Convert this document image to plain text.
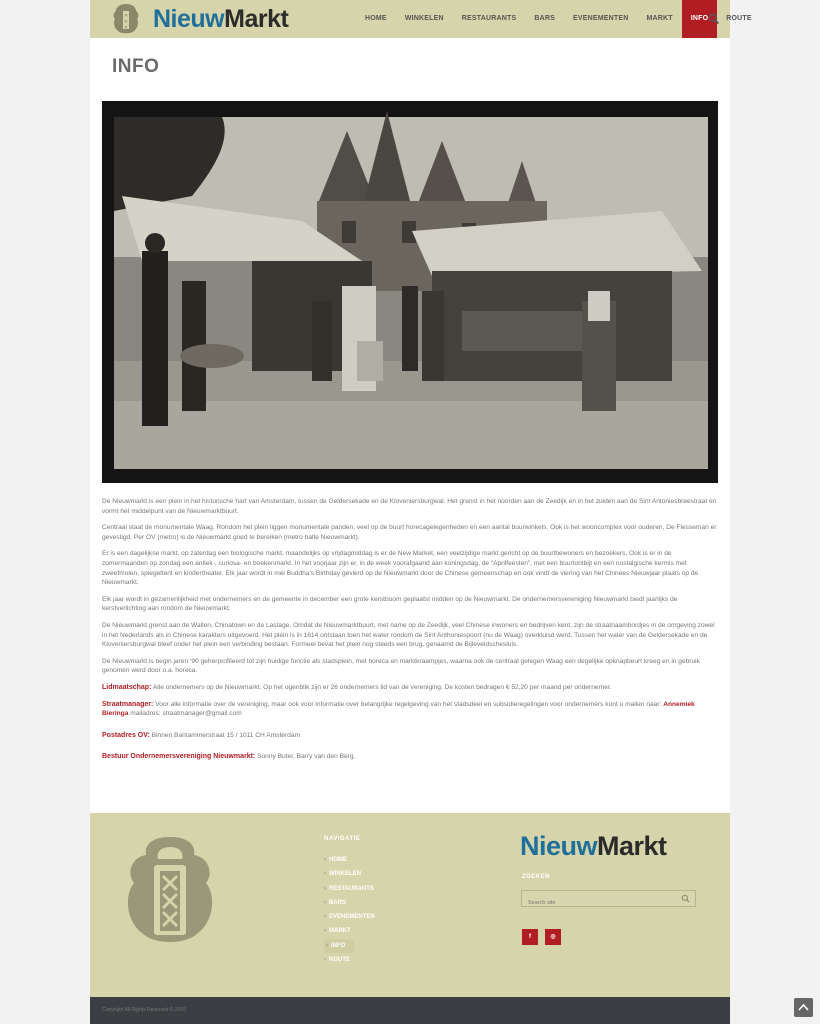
✕
✕
✕ NieuwMarkt	HOME	WINKELEN	RESTAURANTS	BARS	EVENEMENTEN	MARKT	INFO	ROUTE
INFO

De Nieuwmarkt is een plein in het historische hart van Amsterdam, tussen de Geldersekade en de Kloveniersburgwal. Het grenst in het noorden aan de Zeedijk en in het zuiden aan de Sint Antoniesbreestraat en vormt het middelpunt van de Nieuwmarktbuurt.

Centraal staat de monumentale Waag. Rondom het plein liggen monumentale panden, veel op de buurt horecagelegenheden en een aantal buurwinkels. Ook is het wooncomplex voor ouderen, De Flesseman er gevestigd. Per OV (metro) is de Nieuwmarkt goed te bereiken (metro halte Nieuwmarkt).

Er is een dagelijkse markt, op zaterdag een biologische markt, maandelijks op vrijdagmiddag is er de New Market, een veelzijdige markt gericht op de buurtbewoners en bezoekers. Ook is er in de zomermaanden op zondag een antiek-, curiosa- en boekenmarkt. In het voorjaar zijn er, in de week voorafgaand aan koningsdag, de “Aprilfeesten”, met een buurtontbijt en een nostalgische kermis met zweefmolen, spiegeltent en kindertheater. Elk jaar wordt in mei Buddha’s Birthday gevierd op de Nieuwmarkt door de Chinese gemeenschap en ook vindt de viering van het Chinees Nieuwjaar plaats op de Nieuwmarkt.

Elk jaar wordt in gezamenlijkheid met ondernemers en de gemeente in december een grote kerstboom geplaatst midden op de Nieuwmarkt. De ondernemersvereniging Nieuwmarkt biedt jaarlijks de kerstverlichting aan rondom de Nieuwmarkt.

De Nieuwmarkt grenst aan de Wallen, Chinatown en de Lastage. Omdat de Nieuwmarktbuurt, met name op de Zeedijk, veel Chinese inwoners en bedrijven kent, zijn de straatnaambordjes in de omgeving zowel in het Nederlands als in Chinese karakters uitgevoerd. Het plein is in 1614 ontstaan toen het water rondom de Sint Anthoniespoort (nu de Waag) overkluisd werd. Tussen het water van de Geldersekade en de Kloveniersburgwal bleef onder het plein een verbinding bestaan. Formeel bevat het plein nog steeds een brug, genaamd de Bijleveldschesluis.

De Nieuwmarkt is begin jaren ‘90 geherprofileerd tot zijn huidige functie als stadsplein, met horeca en marktkraampjes, waarna ook de centraal gelegen Waag een degelijke opknapbeurt kreeg en in gebruik genomen werd door o.a. horeca.

Lidmaatschap: Alle ondernemers op de Nieuwmarkt. Op het ogenblik zijn er 26 ondernemers lid van de vereniging. De kosten bedragen € 52,20 per maand per ondernemer.

Straatmanager: Voor alle informatie over de vereniging, maar ook voor informatie over belangrijke regelgeving van het stadsdeel en subsidieregelingen voor ondernemers kunt u mailen naar: Annemiek Bieringa mailadres: straatmanager@gmail.com

Postadres OV: Binnen Bantammerstraat 15 / 1011 CH Amsterdam

Bestuur Ondernemersvereniging Nieuwmarkt: Sonny Buter, Barry van den Berg.

NAVIGATIE
› HOME
› WINKELEN
› RESTAURANTS
› BARS
› EVENEMENTEN
› MARKT
› INFO
› ROUTE
NieuwMarkt
ZOEKEN
Search site
f	◎
Copyright All Rights Reserved © 2015
